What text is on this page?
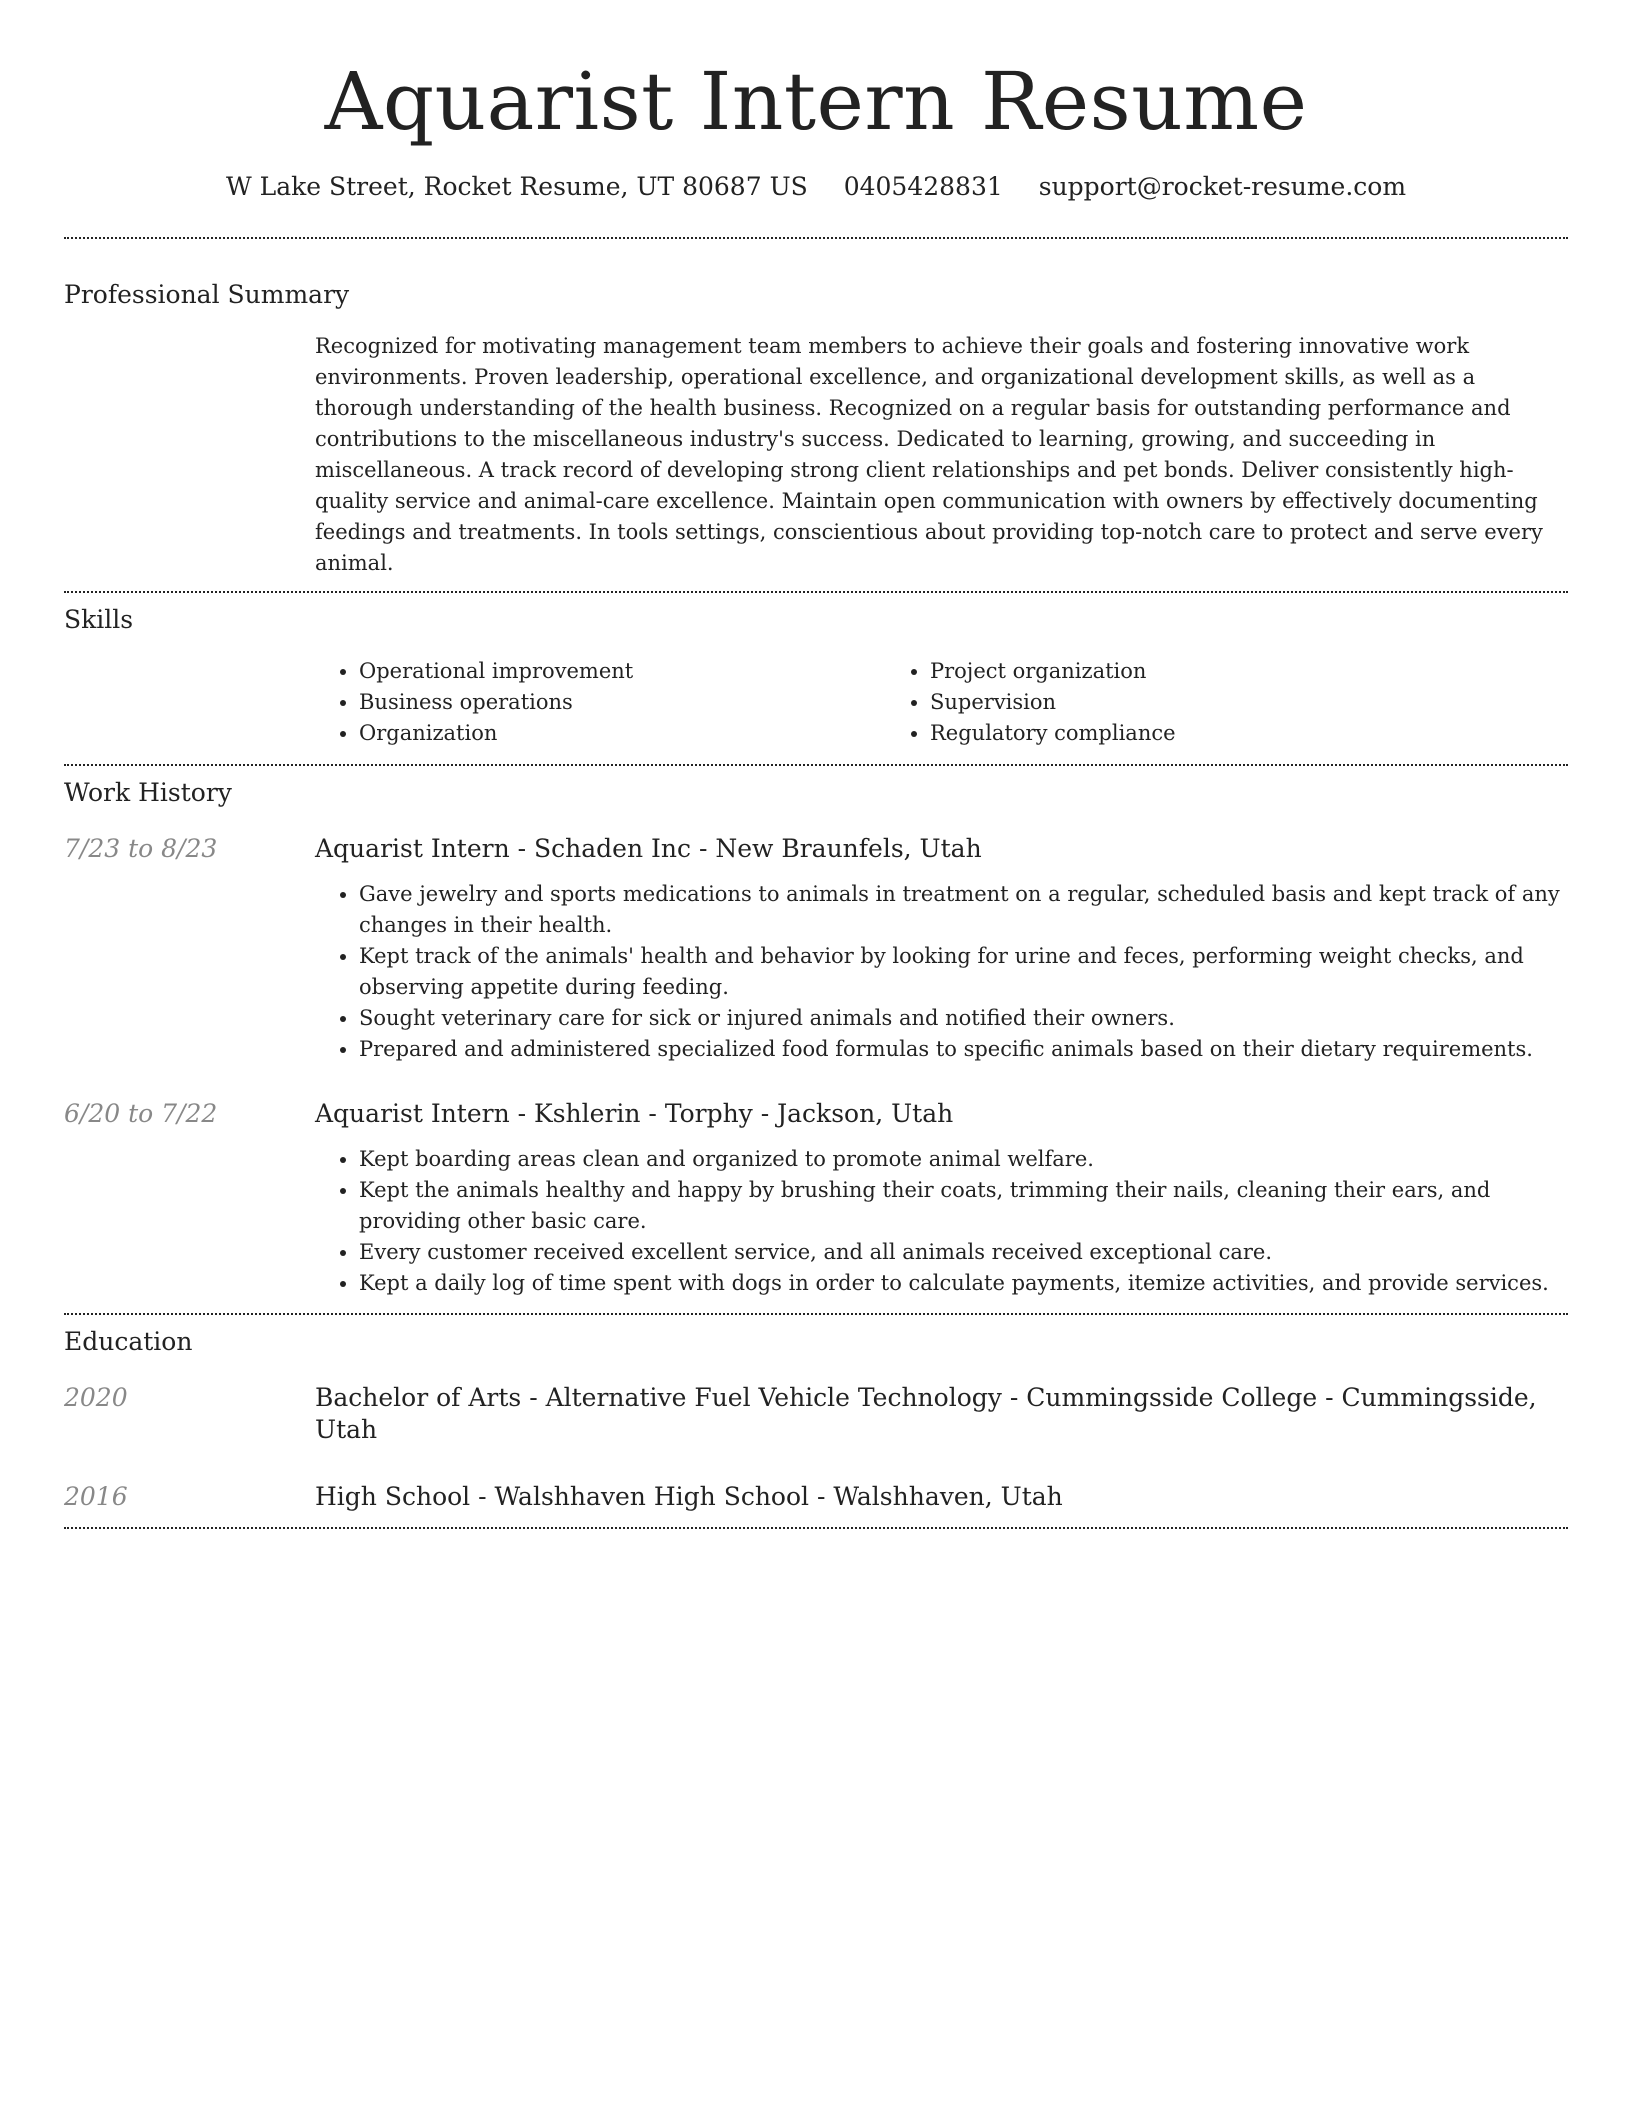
Aquarist Intern Resume
W Lake Street, Rocket Resume, UT 80687 US 0405428831 support@rocket-resume.com
Professional Summary

Recognized for motivating management team members to achieve their goals and fostering innovative work environments. Proven leadership, operational excellence, and organizational development skills, as well as a thorough understanding of the health business. Recognized on a regular basis for outstanding performance and contributions to the miscellaneous industry's success. Dedicated to learning, growing, and succeeding in miscellaneous. A track record of developing strong client relationships and pet bonds. Deliver consistently high-quality service and animal-care excellence. Maintain open communication with owners by effectively documenting feedings and treatments. In tools settings, conscientious about providing top-notch care to protect and serve every animal.

Skills
• Operational improvement
• Business operations
• Organization
• Project organization
• Supervision
• Regulatory compliance
Work History
7/23 to 8/23	Aquarist Intern - Schaden Inc - New Braunfels, Utah
• Gave jewelry and sports medications to animals in treatment on a regular, scheduled basis and kept track of any changes in their health.
• Kept track of the animals' health and behavior by looking for urine and feces, performing weight checks, and observing appetite during feeding.
• Sought veterinary care for sick or injured animals and notified their owners.
• Prepared and administered specialized food formulas to specific animals based on their dietary requirements.
6/20 to 7/22	Aquarist Intern - Kshlerin - Torphy - Jackson, Utah
• Kept boarding areas clean and organized to promote animal welfare.
• Kept the animals healthy and happy by brushing their coats, trimming their nails, cleaning their ears, and providing other basic care.
• Every customer received excellent service, and all animals received exceptional care.
• Kept a daily log of time spent with dogs in order to calculate payments, itemize activities, and provide services.
Education
2020	Bachelor of Arts - Alternative Fuel Vehicle Technology - Cummingsside College - Cummingsside, Utah
2016	High School - Walshhaven High School - Walshhaven, Utah
